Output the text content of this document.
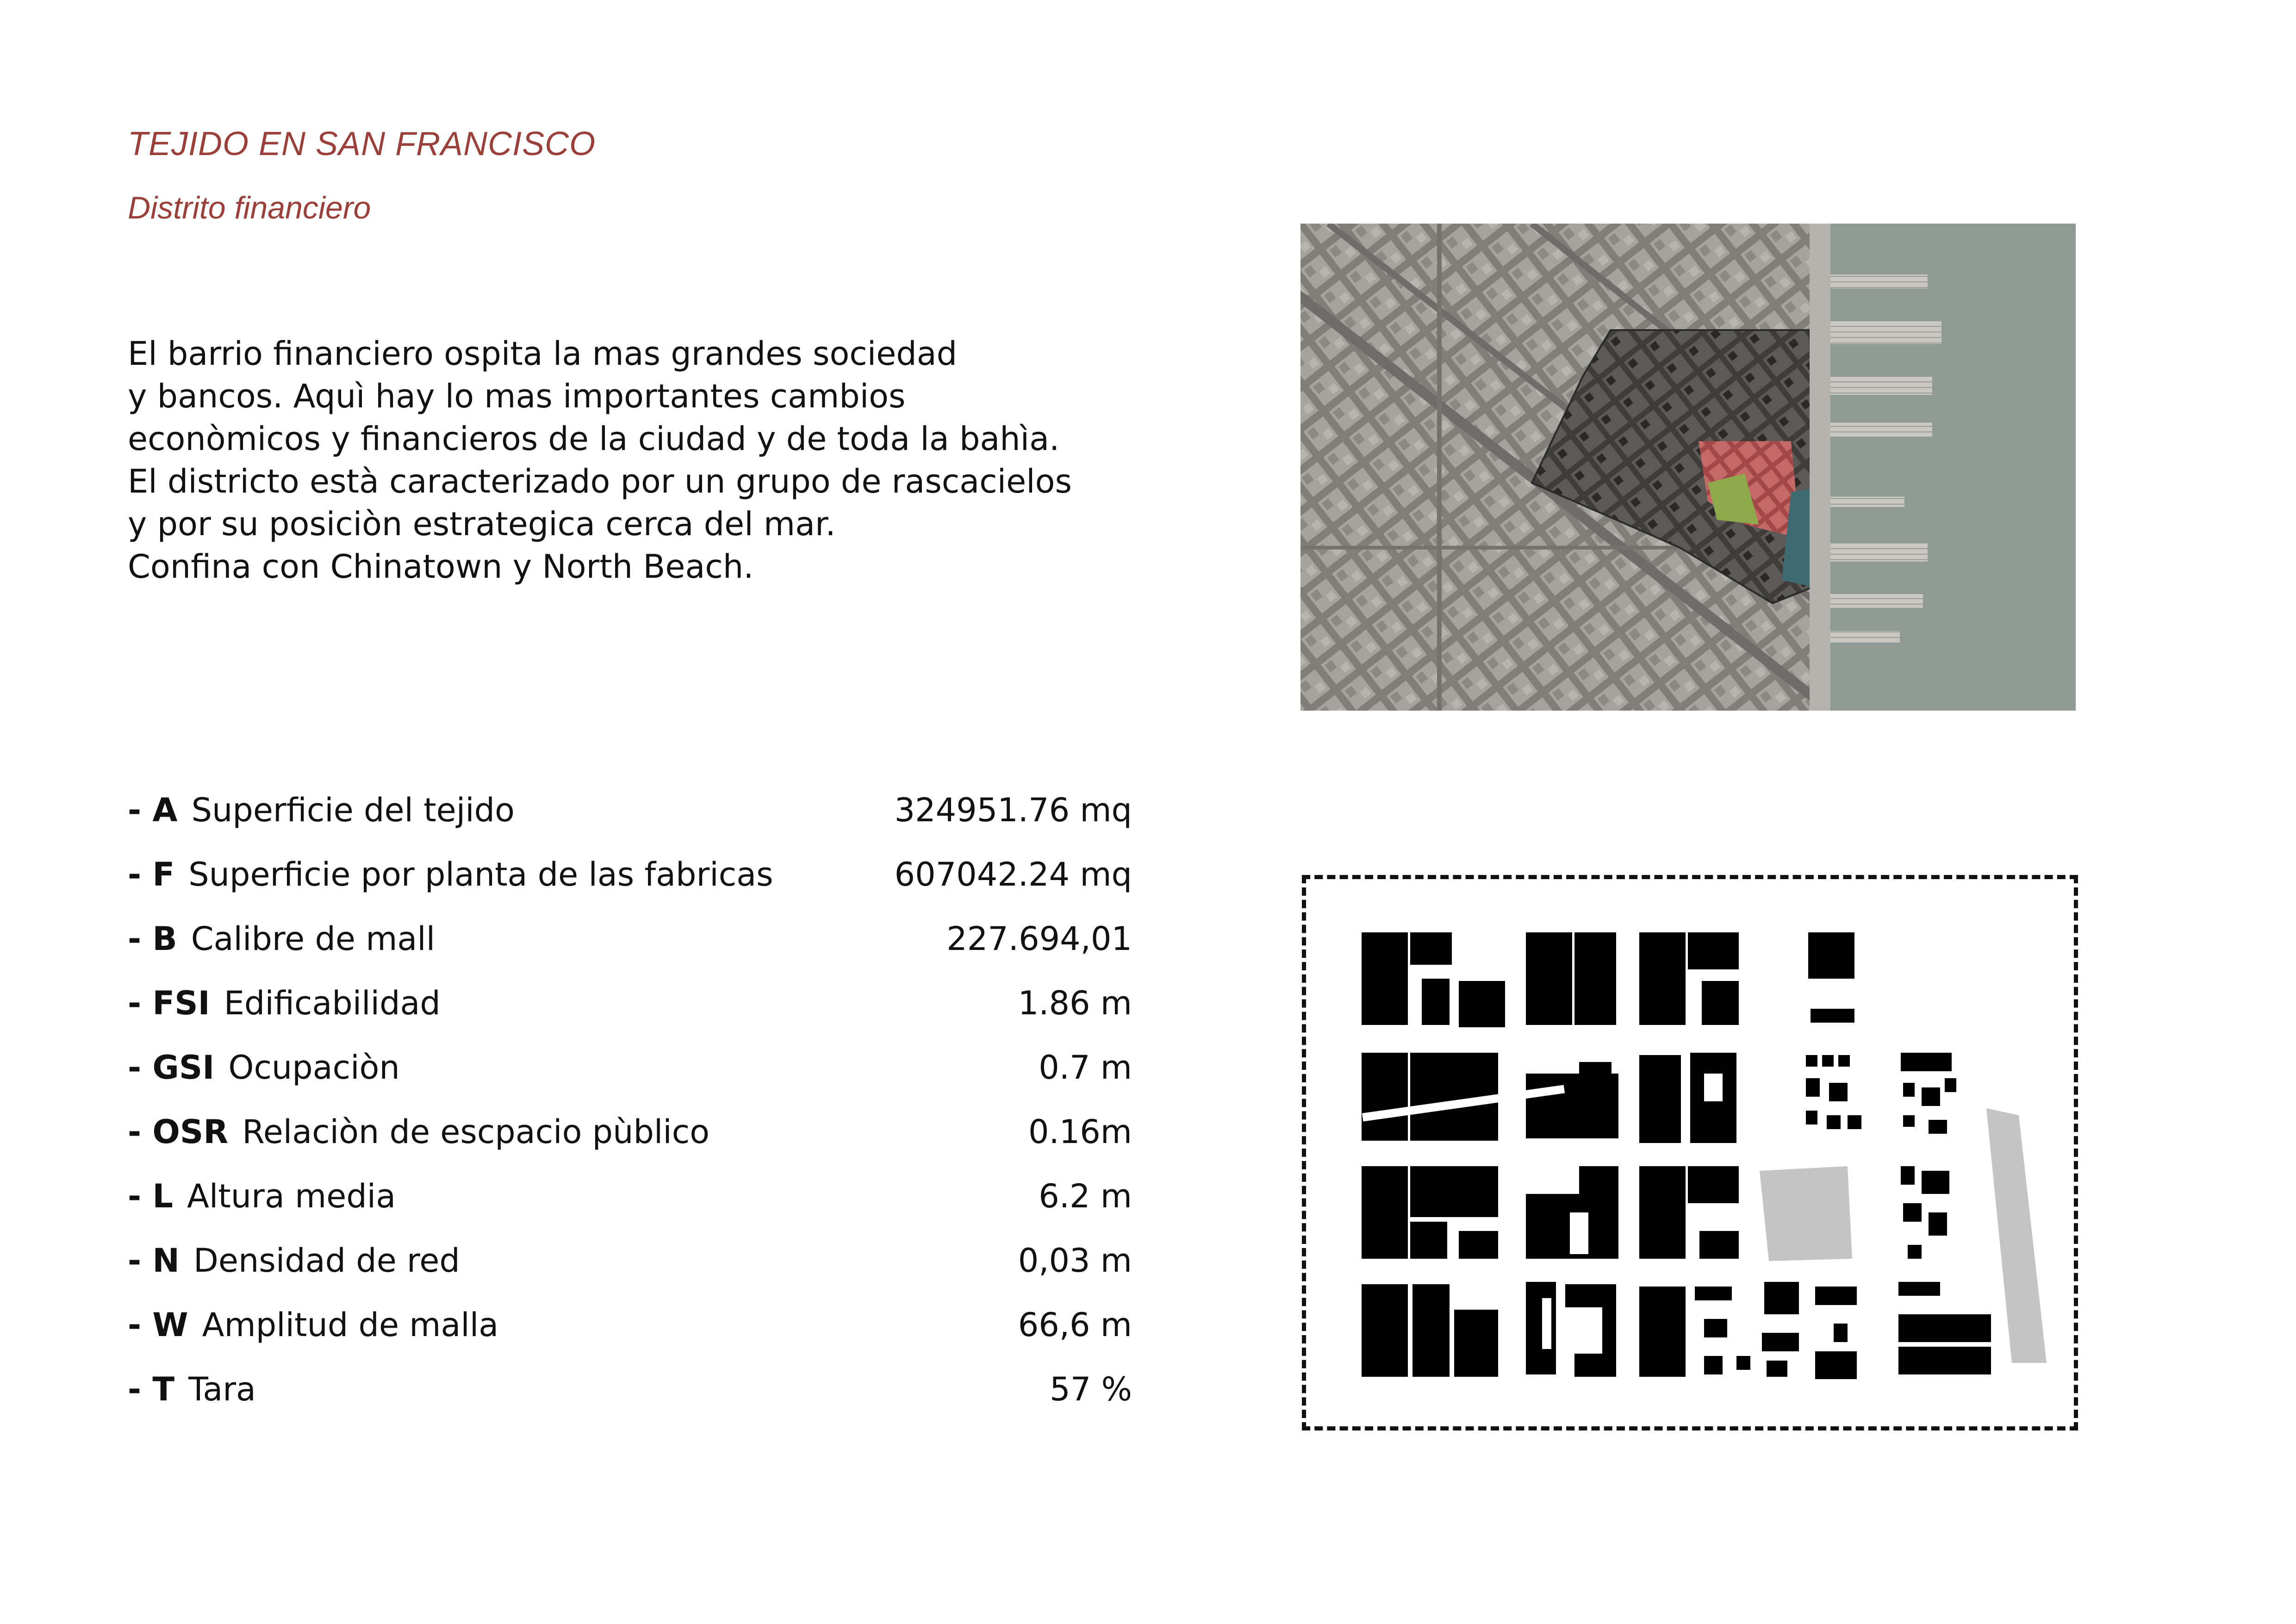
TEJIDO EN SAN FRANCISCO
Distrito financiero
El barrio financiero ospita la mas grandes sociedad
y bancos. Aquì hay lo mas importantes cambios
econòmicos y financieros de la ciudad y de toda la bahìa.
El districto està caracterizado por un grupo de rascacielos
y por su posiciòn estrategica cerca del mar.
Confina con Chinatown y North Beach.
- A Superficie del tejido	324951.76 mq
- F Superficie por planta de las fabricas	607042.24 mq
- B Calibre de mall	227.694,01
- FSI Edificabilidad	1.86 m
- GSI Ocupaciòn	0.7 m
- OSR Relaciòn de escpacio pùblico	0.16m
- L Altura media	6.2 m
- N Densidad de red	0,03 m
- W Amplitud de malla	66,6 m
- T Tara	57 %
